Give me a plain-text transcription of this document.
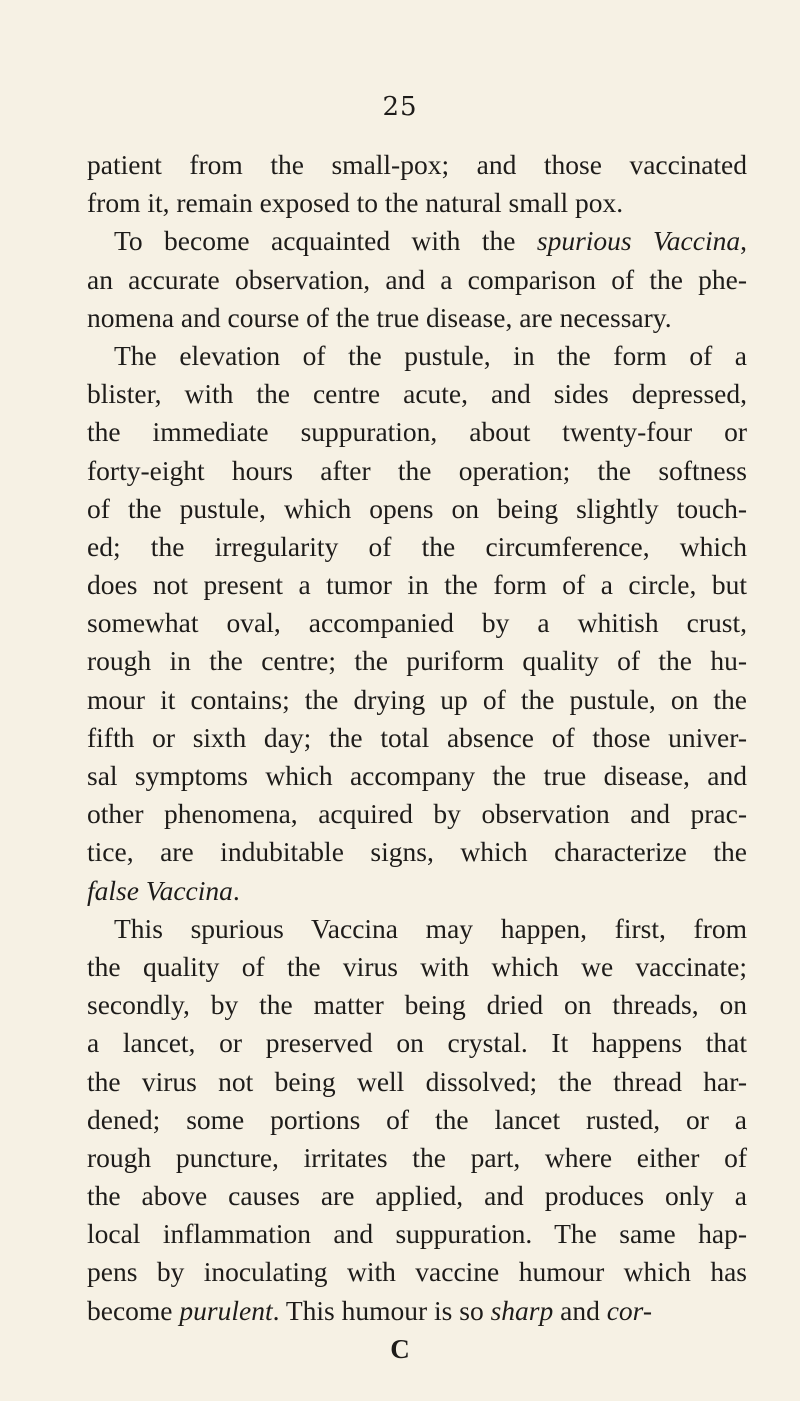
25
patient from the small-pox; and those vaccinated
from it, remain exposed to the natural small pox.
To become acquainted with the spurious Vaccina,
an accurate observation, and a comparison of the phe-
nomena and course of the true disease, are necessary.
The elevation of the pustule, in the form of a
blister, with the centre acute, and sides depressed,
the immediate suppuration, about twenty-four or
forty-eight hours after the operation; the softness
of the pustule, which opens on being slightly touch-
ed; the irregularity of the circumference, which
does not present a tumor in the form of a circle, but
somewhat oval, accompanied by a whitish crust,
rough in the centre; the puriform quality of the hu-
mour it contains; the drying up of the pustule, on the
fifth or sixth day; the total absence of those univer-
sal symptoms which accompany the true disease, and
other phenomena, acquired by observation and prac-
tice, are indubitable signs, which characterize the
false Vaccina.
This spurious Vaccina may happen, first, from
the quality of the virus with which we vaccinate;
secondly, by the matter being dried on threads, on
a lancet, or preserved on crystal. It happens that
the virus not being well dissolved; the thread har-
dened; some portions of the lancet rusted, or a
rough puncture, irritates the part, where either of
the above causes are applied, and produces only a
local inflammation and suppuration. The same hap-
pens by inoculating with vaccine humour which has
become purulent. This humour is so sharp and cor-
C
